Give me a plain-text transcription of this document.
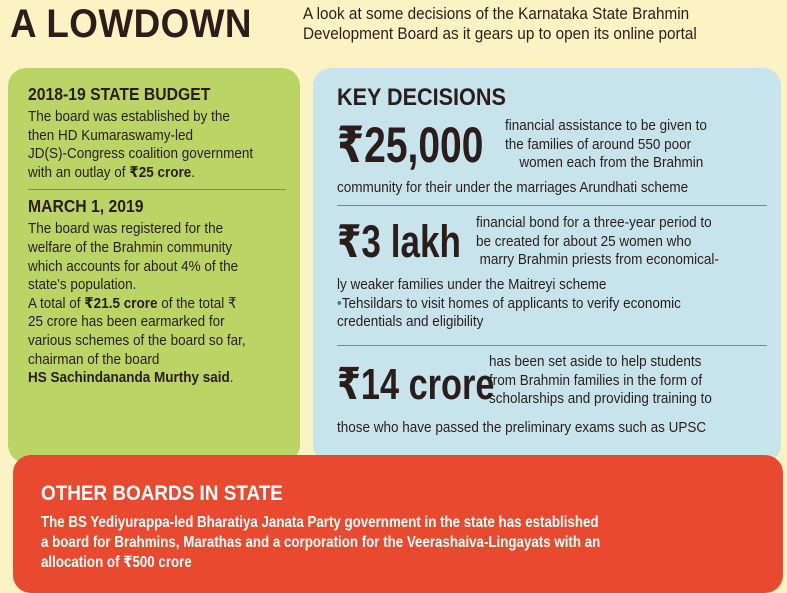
A LOWDOWN	A look at some decisions of the Karnataka State Brahmin
Development Board as it gears up to open its online portal
2018-19 STATE BUDGET
The board was established by the
then HD Kumaraswamy-led
JD(S)-Congress coalition government
with an outlay of ₹25 crore.
MARCH 1, 2019
The board was registered for the
welfare of the Brahmin community
which accounts for about 4% of the
state's population.
A total of ₹21.5 crore of the total ₹
25 crore has been earmarked for
various schemes of the board so far,
chairman of the board
HS Sachindananda Murthy said.
KEY DECISIONS
₹25,000 financial assistance to be given to
the families of around 550 poor
women each from the Brahmin
community for their under the marriages Arundhati scheme
₹3 lakh financial bond for a three-year period to
be created for about 25 women who
marry Brahmin priests from economical-
ly weaker families under the Maitreyi scheme
•Tehsildars to visit homes of applicants to verify economic
credentials and eligibility
₹14 crore
has been set aside to help students
from Brahmin families in the form of
scholarships and providing training to
those who have passed the preliminary exams such as UPSC
OTHER BOARDS IN STATE
The BS Yediyurappa-led Bharatiya Janata Party government in the state has established
a board for Brahmins, Marathas and a corporation for the Veerashaiva-Lingayats with an
allocation of ₹500 crore
